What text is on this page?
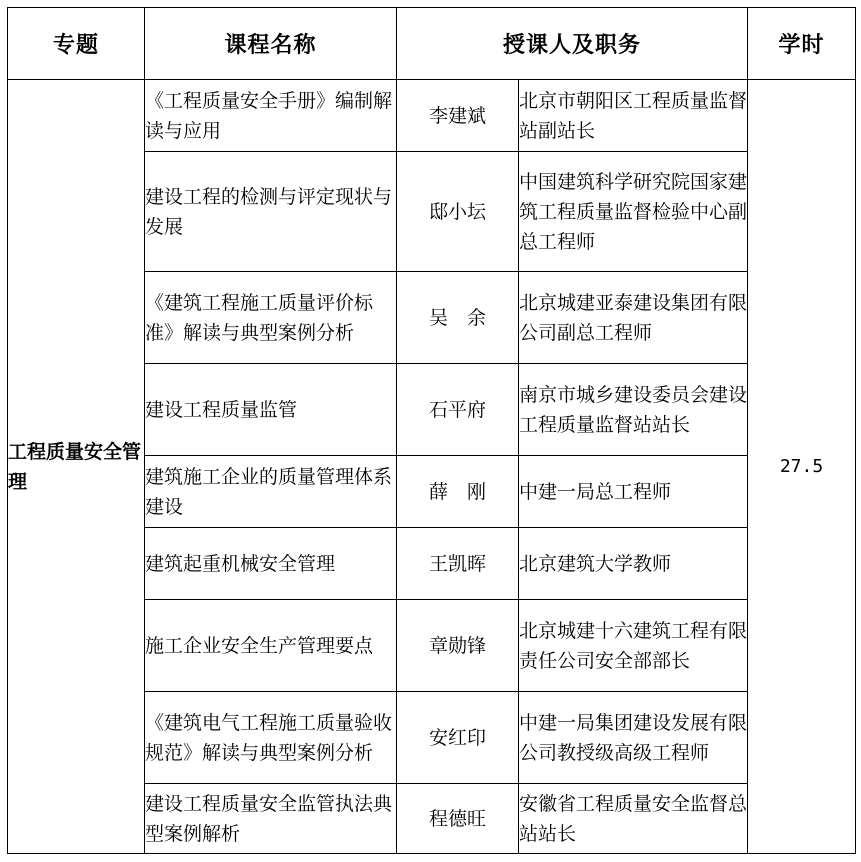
专题	课程名称	授课人及职务		学时
工程质量安全管理	《工程质量安全手册》编制解读与应用	李建斌	北京市朝阳区工程质量监督站副站长	27.5
	建设工程的检测与评定现状与发展	邸小坛	中国建筑科学研究院国家建筑工程质量监督检验中心副总工程师	
	《建筑工程施工质量评价标准》解读与典型案例分析	吴　余	北京城建亚泰建设集团有限公司副总工程师	
	建设工程质量监管	石平府	南京市城乡建设委员会建设工程质量监督站站长	
	建筑施工企业的质量管理体系建设	薛　刚	中建一局总工程师	
	建筑起重机械安全管理	王凯晖	北京建筑大学教师	
	施工企业安全生产管理要点	章勋锋	北京城建十六建筑工程有限责任公司安全部部长	
	《建筑电气工程施工质量验收规范》解读与典型案例分析	安红印	中建一局集团建设发展有限公司教授级高级工程师	
	建设工程质量安全监管执法典型案例解析	程德旺	安徽省工程质量安全监督总站站长	
